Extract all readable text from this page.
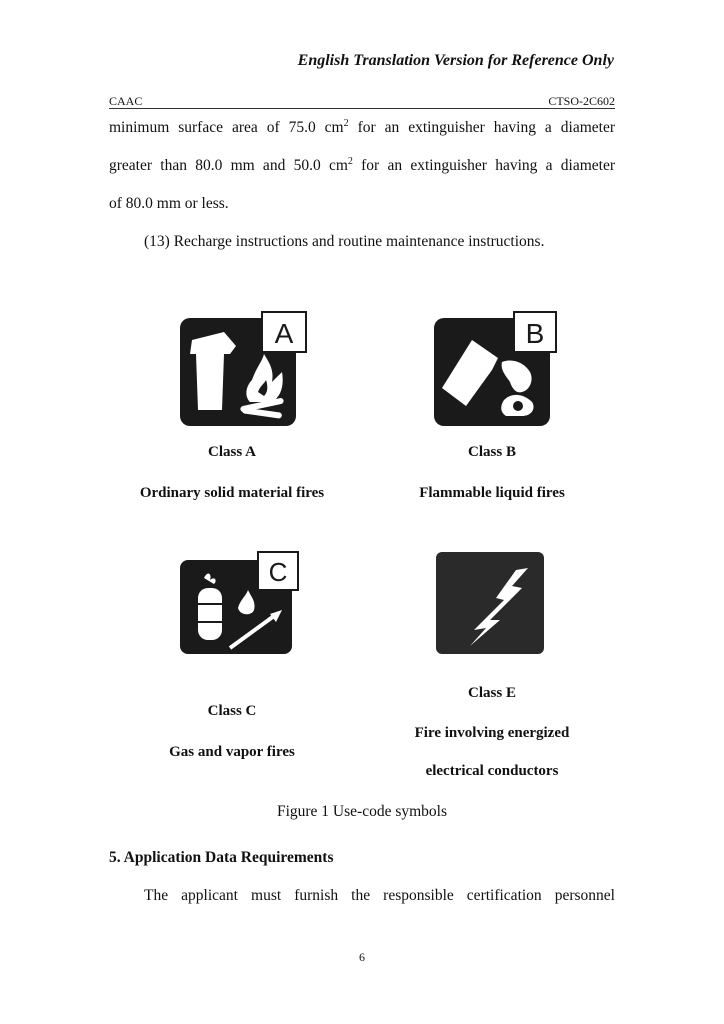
English Translation Version for Reference Only
CAAC	CTSO-2C602
minimum surface area of 75.0 $cm^2$ for an extinguisher having a diameter
greater than 80.0 mm and 50.0 $cm^2$ for an extinguisher having a diameter
of 80.0 mm or less.
(13) Recharge instructions and routine maintenance instructions.
A	B
Class A
Ordinary solid material fires
Class B
Flammable liquid fires
C
Class C
Gas and vapor fires
Class E
Fire involving energized
electrical conductors
Figure 1 Use-code symbols
5. Application Data Requirements
The applicant must furnish the responsible certification personnel
6
